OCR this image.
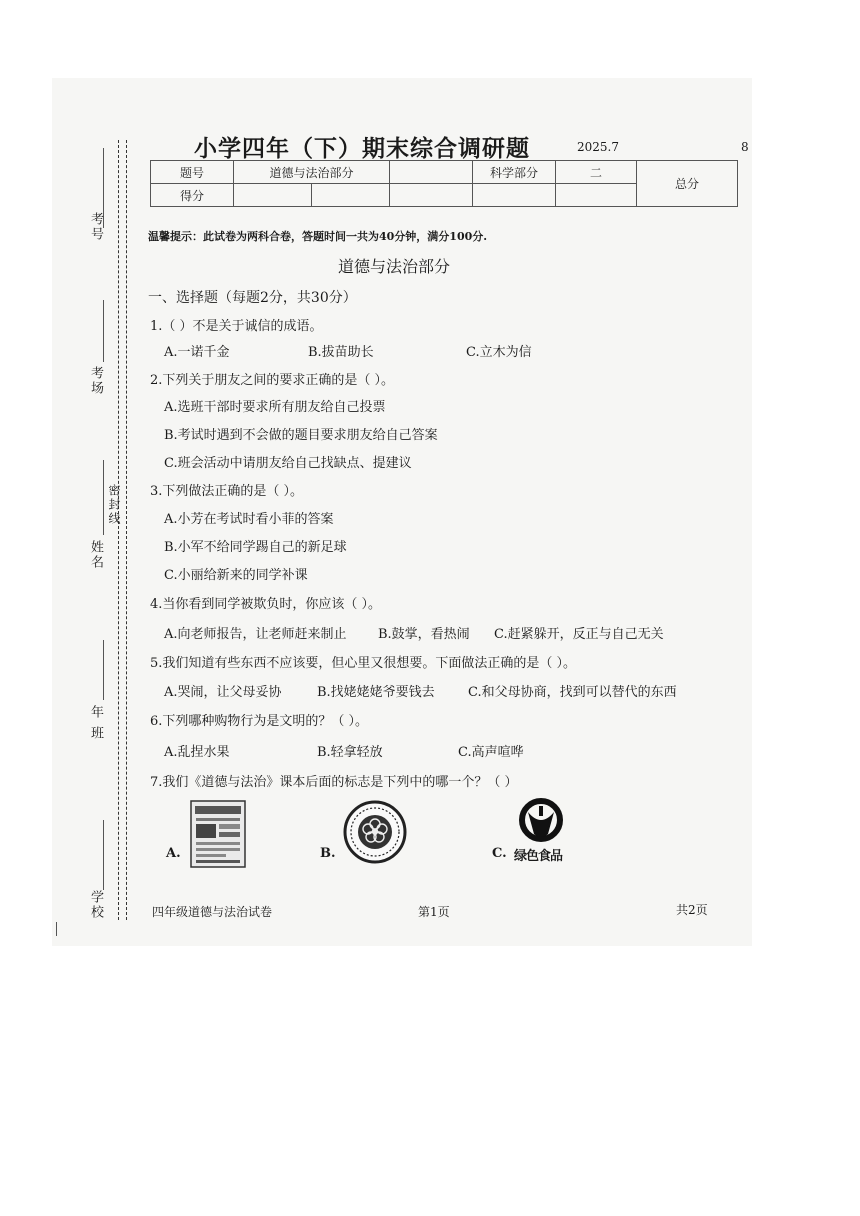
考号
考场
姓名
密封线
年 班
学校
小学四年（下）期末综合调研题	2025.7	8
题号	道德与法治部分			科学部分	二	总分
得分						
温馨提示：此试卷为两科合卷，答题时间一共为40分钟，满分100分.
道德与法治部分
一、选择题（每题2分，共30分）
1.（ ）不是关于诚信的成语。
A.一诺千金	B.拔苗助长	C.立木为信
2.下列关于朋友之间的要求正确的是（ ）。
A.选班干部时要求所有朋友给自己投票
B.考试时遇到不会做的题目要求朋友给自己答案
C.班会活动中请朋友给自己找缺点、提建议
3.下列做法正确的是（ ）。
A.小芳在考试时看小菲的答案
B.小军不给同学踢自己的新足球
C.小丽给新来的同学补课
4.当你看到同学被欺负时，你应该（ ）。
A.向老师报告，让老师赶来制止 B.鼓掌，看热闹 C.赶紧躲开，反正与自己无关
5.我们知道有些东西不应该要，但心里又很想要。下面做法正确的是（ ）。
A.哭闹，让父母妥协	B.找姥姥姥爷要钱去	C.和父母协商，找到可以替代的东西
6.下列哪种购物行为是文明的？（ ）。
A.乱捏水果	B.轻拿轻放	C.高声喧哗
7.我们《道德与法治》课本后面的标志是下列中的哪一个？（ ）
A.	B.	C. 绿色食品
四年级道德与法治试卷	第1页	共2页
